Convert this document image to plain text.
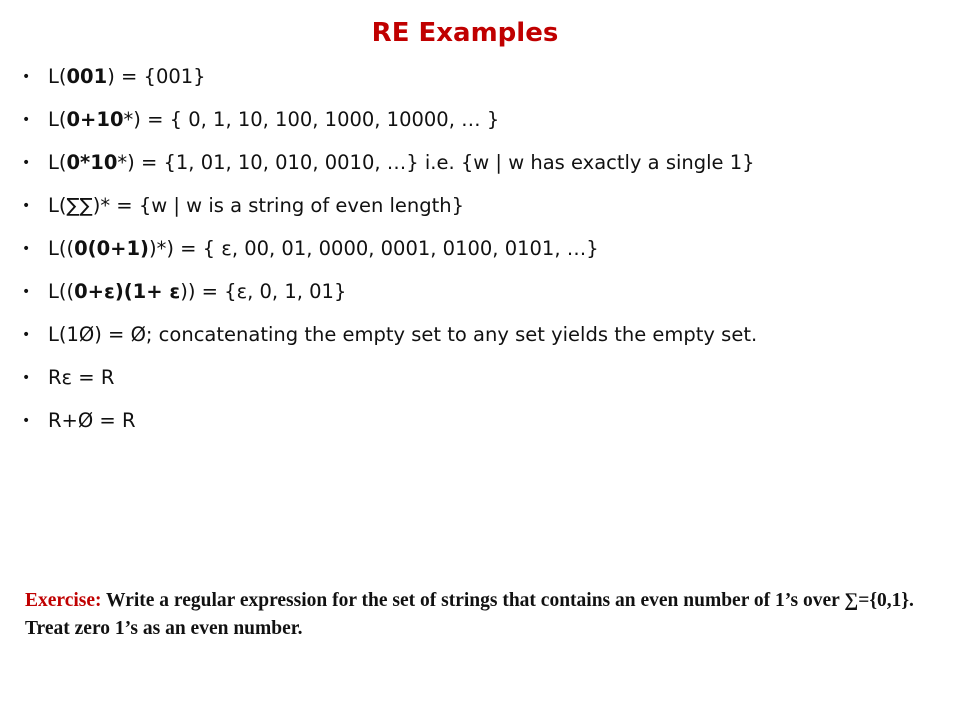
RE Examples
• L(001) = {001}
• L(0+10*) = { 0, 1, 10, 100, 1000, 10000, … }
• L(0*10*) = {1, 01, 10, 010, 0010, …} i.e. {w | w has exactly a single 1}
• L(∑∑)* = {w | w is a string of even length}
• L((0(0+1))*) = { ε, 00, 01, 0000, 0001, 0100, 0101, …}
• L((0+ε)(1+ ε)) = {ε, 0, 1, 01}
• L(1Ø) = Ø; concatenating the empty set to any set yields the empty set.
• Rε = R
• R+Ø = R
Exercise: Write a regular expression for the set of strings that contains an even number of 1’s over ∑={0,1}. Treat zero 1’s as an even number.
